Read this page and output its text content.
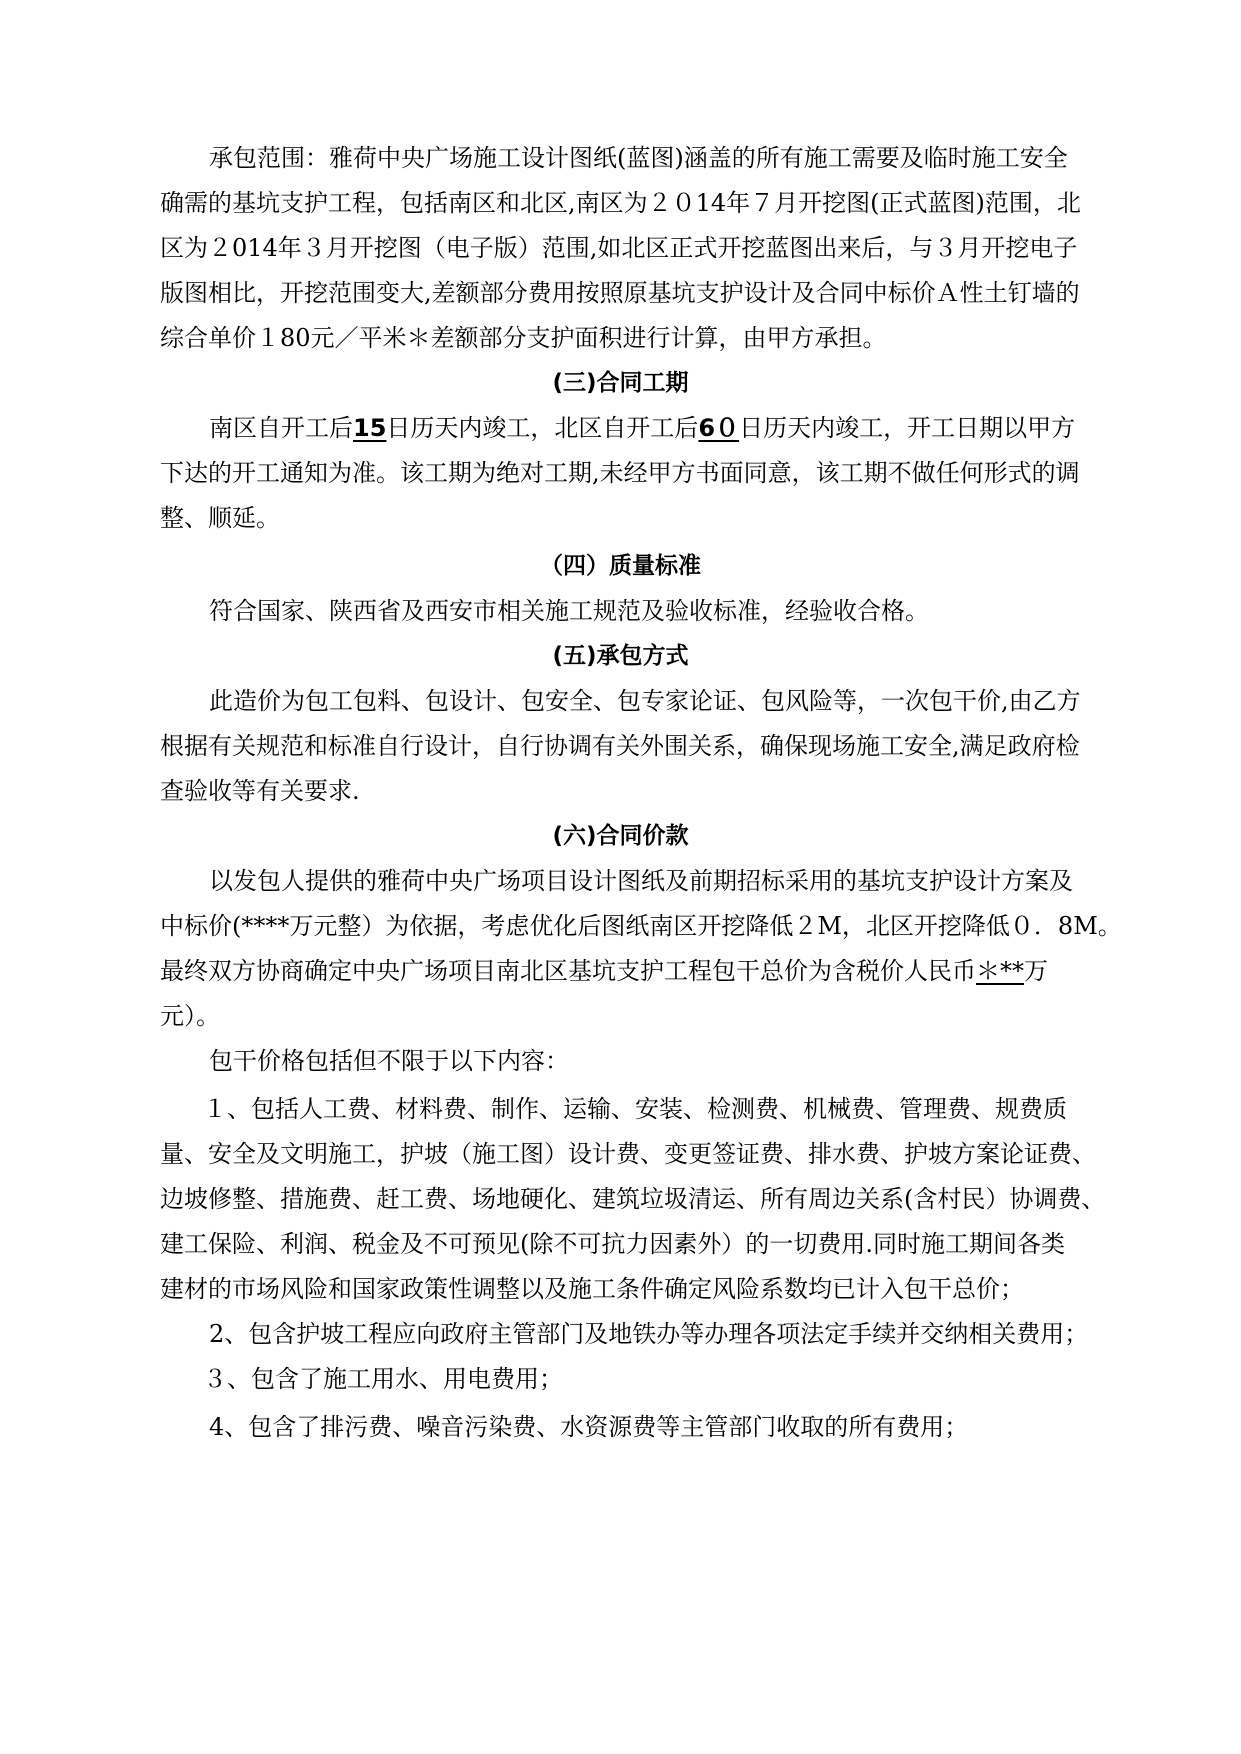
承包范围：雅荷中央广场施工设计图纸(蓝图)涵盖的所有施工需要及临时施工安全
确需的基坑支护工程，包括南区和北区,南区为２０14年７月开挖图(正式蓝图)范围，北
区为２014年３月开挖图（电子版）范围,如北区正式开挖蓝图出来后，与３月开挖电子
版图相比，开挖范围变大,差额部分费用按照原基坑支护设计及合同中标价Ａ性土钉墙的
综合单价１80元／平米＊差额部分支护面积进行计算，由甲方承担。
(三)合同工期
南区自开工后15日历天内竣工，北区自开工后6０日历天内竣工，开工日期以甲方
下达的开工通知为准。该工期为绝对工期,未经甲方书面同意，该工期不做任何形式的调
整、顺延。
（四）质量标准
符合国家、陕西省及西安市相关施工规范及验收标准，经验收合格。
(五)承包方式
此造价为包工包料、包设计、包安全、包专家论证、包风险等，一次包干价,由乙方
根据有关规范和标准自行设计，自行协调有关外围关系，确保现场施工安全,满足政府检
查验收等有关要求.
(六)合同价款
以发包人提供的雅荷中央广场项目设计图纸及前期招标采用的基坑支护设计方案及
中标价(****万元整）为依据，考虑优化后图纸南区开挖降低２M，北区开挖降低０．8M。
最终双方协商确定中央广场项目南北区基坑支护工程包干总价为含税价人民币＊**万
元）。
包干价格包括但不限于以下内容：
１、包括人工费、材料费、制作、运输、安装、检测费、机械费、管理费、规费质
量、安全及文明施工，护坡（施工图）设计费、变更签证费、排水费、护坡方案论证费、
边坡修整、措施费、赶工费、场地硬化、建筑垃圾清运、所有周边关系(含村民）协调费、
建工保险、利润、税金及不可预见(除不可抗力因素外）的一切费用.同时施工期间各类
建材的市场风险和国家政策性调整以及施工条件确定风险系数均已计入包干总价；
2、包含护坡工程应向政府主管部门及地铁办等办理各项法定手续并交纳相关费用；
３、包含了施工用水、用电费用；
4、包含了排污费、噪音污染费、水资源费等主管部门收取的所有费用；
